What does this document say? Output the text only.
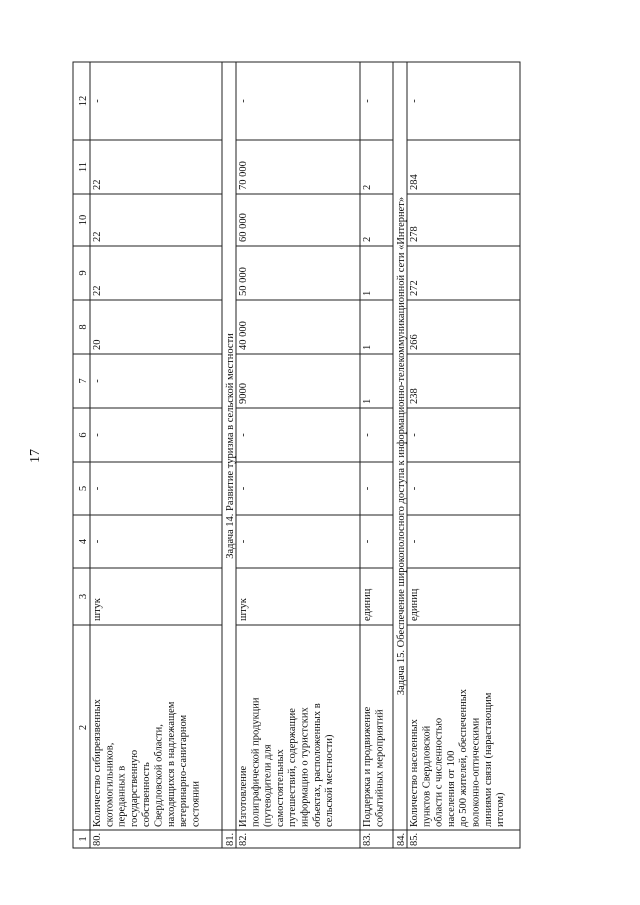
17
1
2
3
4
5
6
7
8
9
10
11
12
80.
Количество сибиреязвенных скотомогильников, переданных в государственную собственность Свердловской области, находящихся в надлежащем ветеринарно-санитарном состоянии
штук
-
-
-
-
20
22
22
22
-
81.
Задача 14. Развитие туризма в сельской местности
82.
Изготовление полиграфической продукции (путеводители для самостоятельных путешествий, содержащие информацию о туристских объектах, расположенных в сельской местности)
штук
-
-
-
9000
40 000
50 000
60 000
70 000
-
83.
Поддержка и продвижение событийных мероприятий
единиц
-
-
-
1
1
1
2
2
-
84.
Задача 15. Обеспечение широкополосного доступа к информационно-телекоммуникационной сети «Интернет»
85.
Количество населенных пунктов Свердловской области с численностью населения от 100 до 500 жителей, обеспеченных волоконно-оптическими линиями связи (нарастающим итогом)
единиц
-
-
-
238
266
272
278
284
-
